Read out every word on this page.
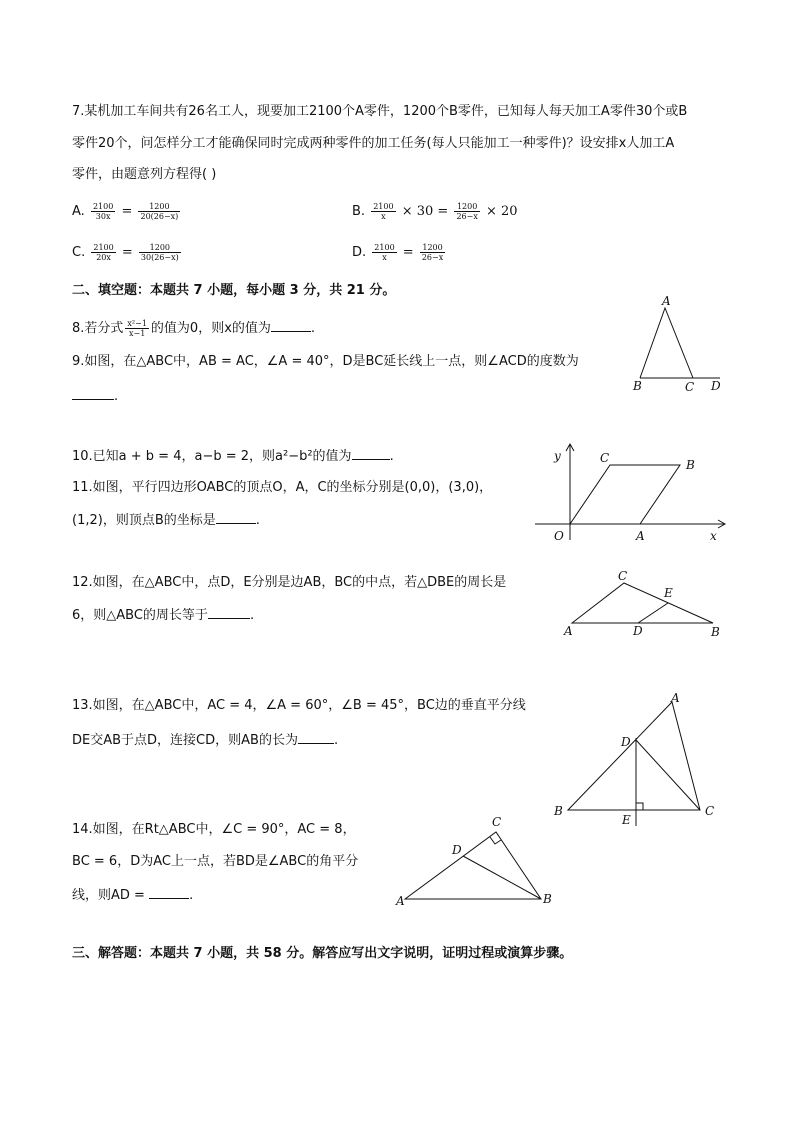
7.某机加工车间共有26名工人，现要加工2100个A零件，1200个B零件，已知每人每天加工A零件30个或B
零件20个，问怎样分工才能确保同时完成两种零件的加工任务(每人只能加工一种零件)？设安排x人加工A
零件，由题意列方程得( )
A. $\frac{2100}{30x} = \frac{1200}{20(26-x)}$	B. $\frac{2100}{x} \times 30 = \frac{1200}{26-x} \times 20$
C. $\frac{2100}{20x} = \frac{1200}{30(26-x)}$	D. $\frac{2100}{x} = \frac{1200}{26-x}$
二、填空题：本题共 7 小题，每小题 3 分，共 21 分。
8.若分式 $\frac{\text{x²−1}}{x-1}$ 的值为0，则x的值为	.
9.如图，在△ABC中，AB = AC，∠A = 40°，D是BC延长线上一点，则∠ACD的度数为
.
A
B	C D
10.已知a + b = 4，a−b = 2，则a²−b²的值为	.
11.如图，平行四边形OABC的顶点O，A，C的坐标分别是(0,0)，(3,0)，
(1,2)，则顶点B的坐标是	.
y
x
O	A
B
C
12.如图，在△ABC中，点D，E分别是边AB，BC的中点，若△DBE的周长是
6，则△ABC的周长等于	.
C
E
A	D	B
13.如图，在△ABC中，AC = 4，∠A = 60°，∠B = 45°，BC边的垂直平分线
DE交AB于点D，连接CD，则AB的长为	.
A
D
B	C
E
14.如图，在Rt△ABC中，∠C = 90°，AC = 8，
BC = 6，D为AC上一点，若BD是∠ABC的角平分
线，则AD =	.
C
D
A	B
三、解答题：本题共 7 小题，共 58 分。解答应写出文字说明，证明过程或演算步骤。
